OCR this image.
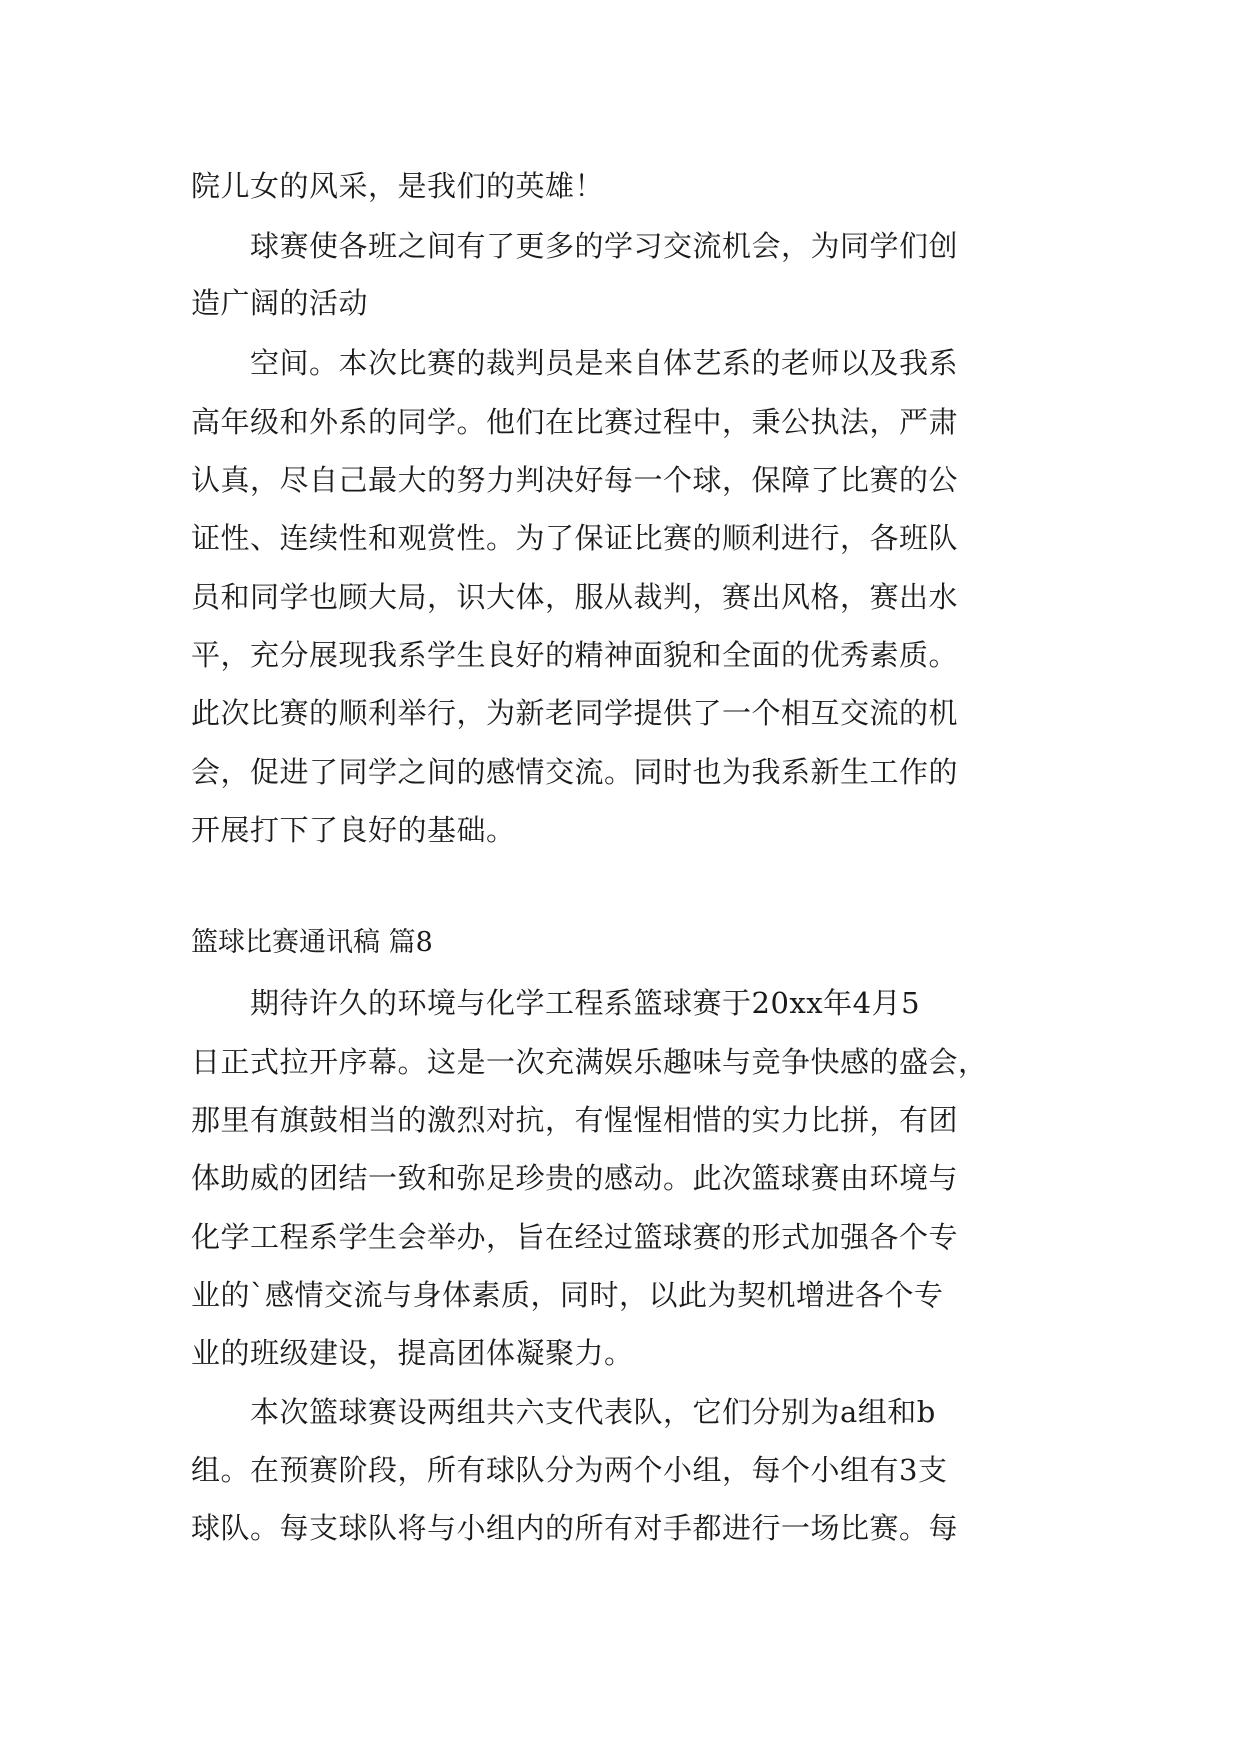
院儿女的风采，是我们的英雄！
球赛使各班之间有了更多的学习交流机会，为同学们创
造广阔的活动
空间。本次比赛的裁判员是来自体艺系的老师以及我系
高年级和外系的同学。他们在比赛过程中，秉公执法，严肃
认真，尽自己最大的努力判决好每一个球，保障了比赛的公
证性、连续性和观赏性。为了保证比赛的顺利进行，各班队
员和同学也顾大局，识大体，服从裁判，赛出风格，赛出水
平，充分展现我系学生良好的精神面貌和全面的优秀素质。
此次比赛的顺利举行，为新老同学提供了一个相互交流的机
会，促进了同学之间的感情交流。同时也为我系新生工作的
开展打下了良好的基础。
篮球比赛通讯稿 篇8
期待许久的环境与化学工程系篮球赛于20xx年4月5
日正式拉开序幕。这是一次充满娱乐趣味与竞争快感的盛会，
那里有旗鼓相当的激烈对抗，有惺惺相惜的实力比拼，有团
体助威的团结一致和弥足珍贵的感动。此次篮球赛由环境与
化学工程系学生会举办，旨在经过篮球赛的形式加强各个专
业的`感情交流与身体素质，同时，以此为契机增进各个专
业的班级建设，提高团体凝聚力。
本次篮球赛设两组共六支代表队，它们分别为a组和b
组。在预赛阶段，所有球队分为两个小组，每个小组有3支
球队。每支球队将与小组内的所有对手都进行一场比赛。每
